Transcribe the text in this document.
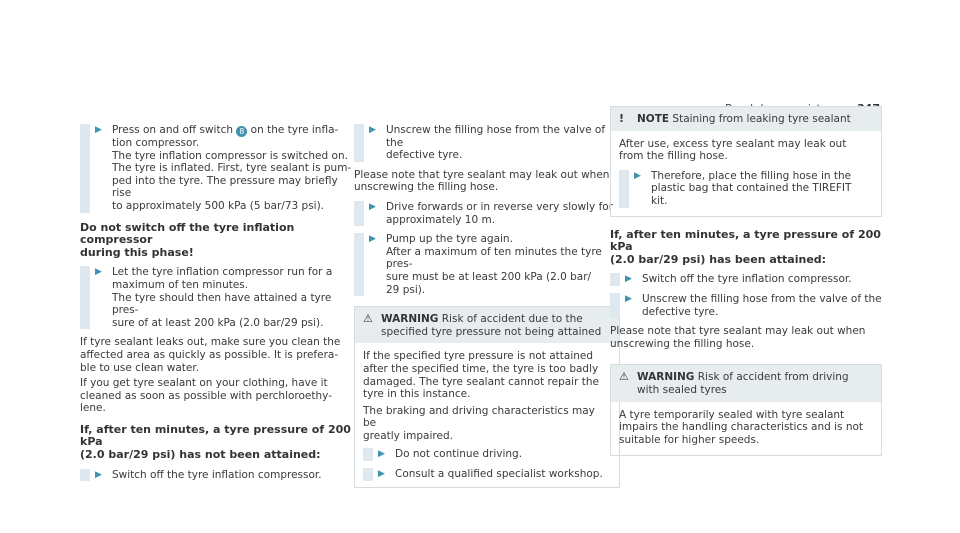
▶ Press on and off switch 8 on the tyre infla-
tion compressor.
The tyre inflation compressor is switched on.
The tyre is inflated. First, tyre sealant is pum-
ped into the tyre. The pressure may briefly rise
to approximately 500 kPa (5 bar/73 psi).
Do not switch off the tyre inflation compressor
during this phase!
▶ Let the tyre inflation compressor run for a
maximum of ten minutes.
The tyre should then have attained a tyre pres-
sure of at least 200 kPa (2.0 bar/29 psi).
If tyre sealant leaks out, make sure you clean the
affected area as quickly as possible. It is prefera-
ble to use clean water.
If you get tyre sealant on your clothing, have it
cleaned as soon as possible with perchloroethy-
lene.
If, after ten minutes, a tyre pressure of 200 kPa
(2.0 bar/29 psi) has not been attained:
▶ Switch off the tyre inflation compressor.
▶ Unscrew the filling hose from the valve of the
defective tyre.
Please note that tyre sealant may leak out when
unscrewing the filling hose.
▶ Drive forwards or in reverse very slowly for
approximately 10 m.
▶ Pump up the tyre again.
After a maximum of ten minutes the tyre pres-
sure must be at least 200 kPa (2.0 bar/
29 psi).
⚠ WARNING Risk of accident due to the
specified tyre pressure not being attained
If the specified tyre pressure is not attained
after the specified time, the tyre is too badly
damaged. The tyre sealant cannot repair the
tyre in this instance.
The braking and driving characteristics may be
greatly impaired.
▶ Do not continue driving.
▶ Consult a qualified specialist workshop.
! NOTE Staining from leaking tyre sealant
After use, excess tyre sealant may leak out
from the filling hose.
▶ Therefore, place the filling hose in the
plastic bag that contained the TIREFIT
kit.
If, after ten minutes, a tyre pressure of 200 kPa
(2.0 bar/29 psi) has been attained:
▶ Switch off the tyre inflation compressor.
▶ Unscrew the filling hose from the valve of the
defective tyre.
Please note that tyre sealant may leak out when
unscrewing the filling hose.
⚠ WARNING Risk of accident from driving
with sealed tyres
A tyre temporarily sealed with tyre sealant
impairs the handling characteristics and is not
suitable for higher speeds.
